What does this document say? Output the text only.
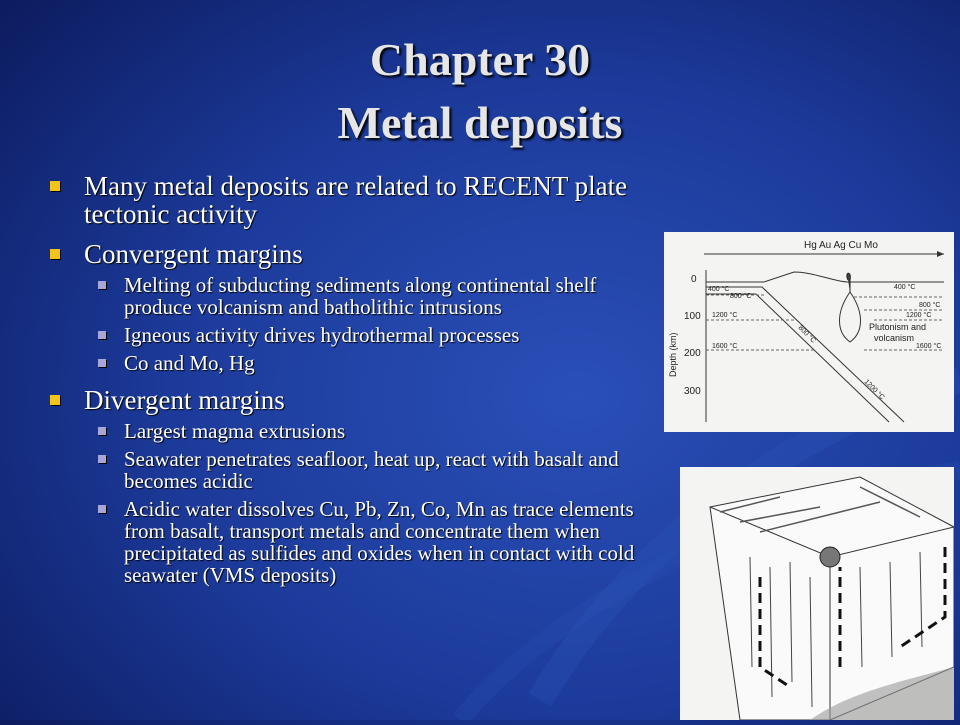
Chapter 30
Metal deposits
Many metal deposits are related to RECENT plate tectonic activity
Convergent margins
Melting of subducting sediments along continental shelf produce volcanism and batholithic intrusions
Igneous activity drives hydrothermal processes
Co and Mo, Hg
Divergent margins
Largest magma extrusions
Seawater penetrates seafloor, heat up, react with basalt and becomes acidic
Acidic water dissolves Cu, Pb, Zn, Co, Mn as trace elements from basalt, transport metals and concentrate them when precipitated as sulfides and oxides when in contact with cold seawater (VMS deposits)
Hg Au Ag Cu Mo
Depth (km)
0
100
200
300
400 °C
800 °C
1200 °C
1600 °C
400 °C
800 °C
1200 °C
1600 °C
800 °C
1200 °C
Plutonism and
volcanism
